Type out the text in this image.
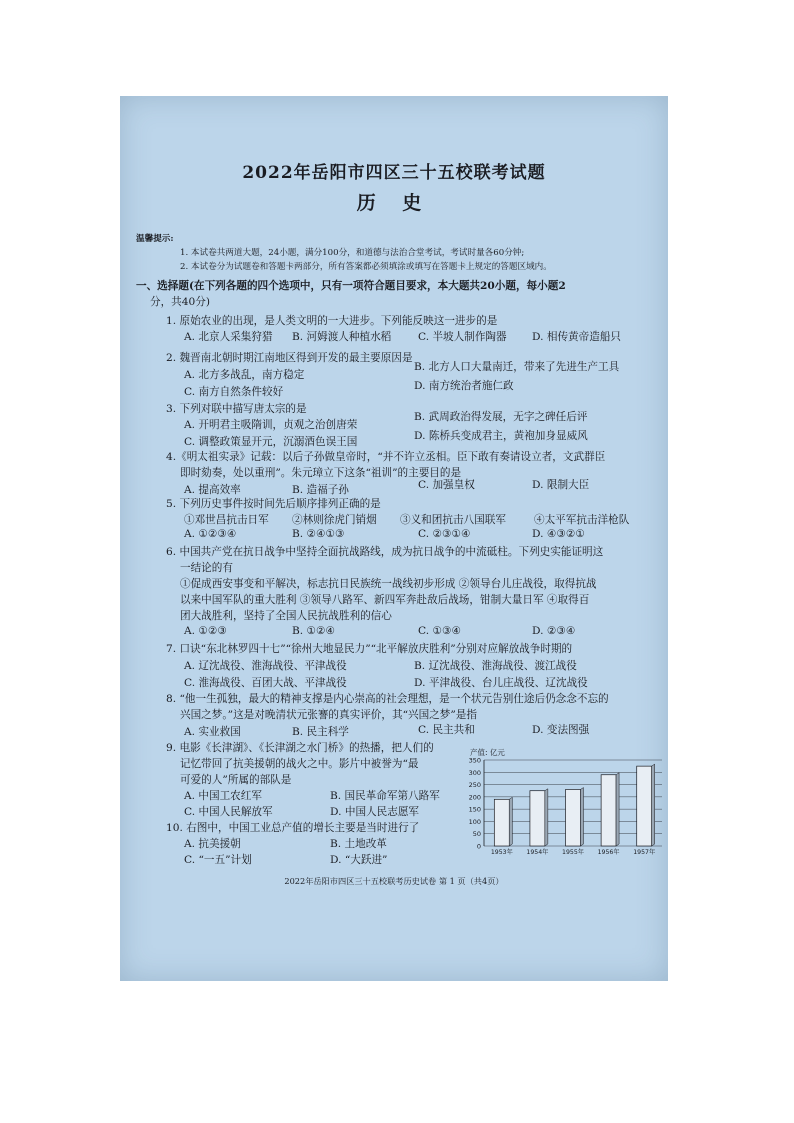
2022年岳阳市四区三十五校联考试题
历 史
温馨提示:
1. 本试卷共两道大题，24小题，满分100分，和道德与法治合堂考试，考试时量各60分钟;
2. 本试卷分为试题卷和答题卡两部分，所有答案都必须填涂或填写在答题卡上规定的答题区域内。
一、选择题(在下列各题的四个选项中，只有一项符合题目要求，本大题共20小题，每小题2
分，共40分)
1. 原始农业的出现，是人类文明的一大进步。下列能反映这一进步的是
A. 北京人采集狩猎 B. 河姆渡人种植水稻	C. 半坡人制作陶器 D. 相传黄帝造船只
2. 魏晋南北朝时期江南地区得到开发的最主要原因是
A. 北方多战乱，南方稳定
B. 北方人口大量南迁，带来了先进生产工具
C. 南方自然条件较好	D. 南方统治者施仁政
3. 下列对联中描写唐太宗的是
A. 开明君主吸隋训，贞观之治创唐荣
B. 武周政治得发展，无字之碑任后评
C. 调整政策显开元，沉溺酒色误王国	D. 陈桥兵变成君主，黄袍加身显威风
4.《明太祖实录》记载：以后子孙做皇帝时，“并不许立丞相。臣下敢有奏请设立者，文武群臣
即时劾奏，处以重刑”。朱元璋立下这条“祖训”的主要目的是
A. 提高效率	B. 造福子孙	C. 加强皇权	D. 限制大臣
5. 下列历史事件按时间先后顺序排列正确的是
①邓世昌抗击日军 ②林则徐虎门销烟 ③义和团抗击八国联军	④太平军抗击洋枪队
A. ①②③④	B. ②④①③	C. ②③①④	D. ④③②①
6. 中国共产党在抗日战争中坚持全面抗战路线，成为抗日战争的中流砥柱。下列史实能证明这
一结论的有
①促成西安事变和平解决，标志抗日民族统一战线初步形成 ②领导台儿庄战役，取得抗战
以来中国军队的重大胜利 ③领导八路军、新四军奔赴敌后战场，钳制大量日军 ④取得百
团大战胜利，坚持了全国人民抗战胜利的信心
A. ①②③	B. ①②④	C. ①③④	D. ②③④
7. 口诀“东北林罗四十七”“徐州大地显民力”“北平解放庆胜利”分别对应解放战争时期的
A. 辽沈战役、淮海战役、平津战役	B. 辽沈战役、淮海战役、渡江战役
C. 淮海战役、百团大战、平津战役	D. 平津战役、台儿庄战役、辽沈战役
8. “他一生孤独，最大的精神支撑是内心崇高的社会理想，是一个状元告别仕途后仍念念不忘的
兴国之梦。”这是对晚清状元张謇的真实评价，其“兴国之梦”是指
A. 实业救国	B. 民主科学	C. 民主共和	D. 变法图强
9. 电影《长津湖》、《长津湖之水门桥》的热播，把人们的
记忆带回了抗美援朝的战火之中。影片中被誉为“最
可爱的人”所属的部队是
A. 中国工农红军	B. 国民革命军第八路军
C. 中国人民解放军	D. 中国人民志愿军
10. 右图中，中国工业总产值的增长主要是当时进行了
A. 抗美援朝	B. 土地改革
C. “一五”计划	D. “大跃进”
0
50
100
150
200
250
300
350
1953年 1954年 1955年 1956年 1957年
产值: 亿元
2022年岳阳市四区三十五校联考历史试卷 第 1 页（共4页）
